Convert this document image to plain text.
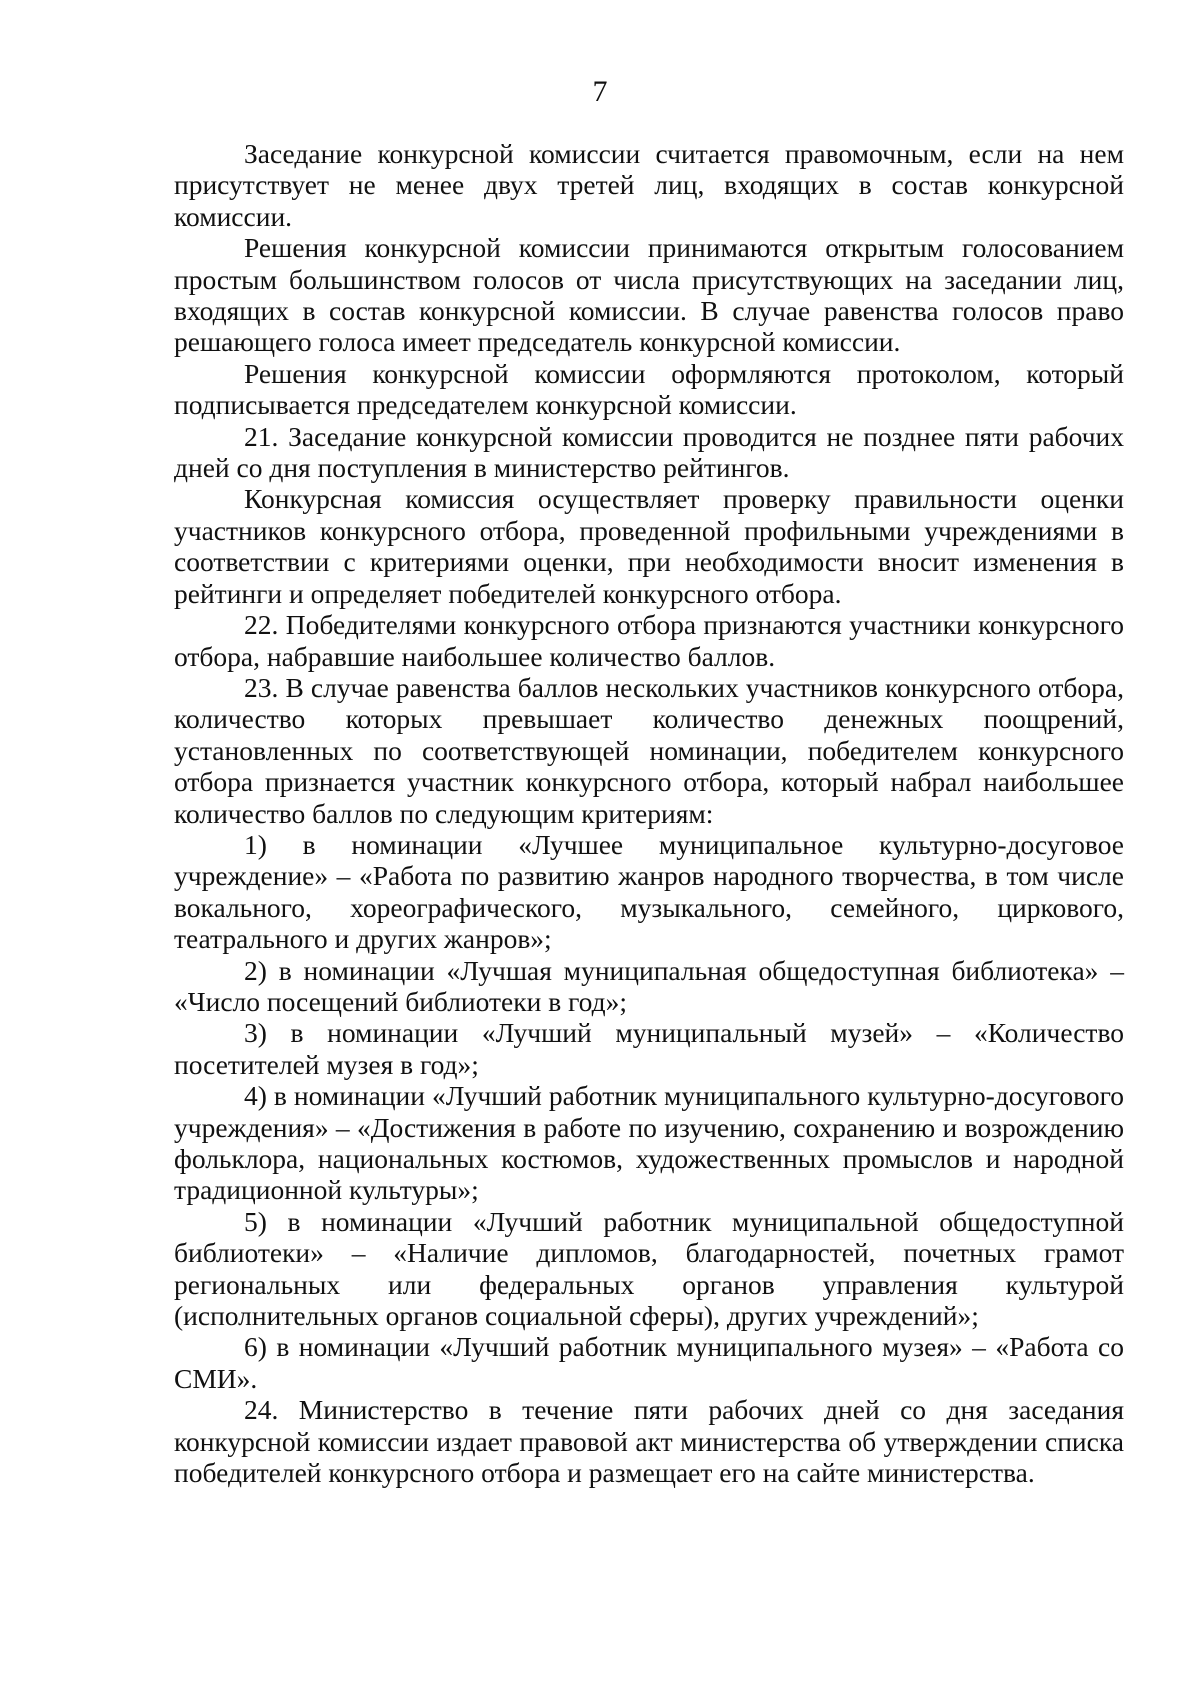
7

Заседание конкурсной комиссии считается правомочным, если на нем присутствует не менее двух третей лиц, входящих в состав конкурсной комиссии.

Решения конкурсной комиссии принимаются открытым голосованием простым большинством голосов от числа присутствующих на заседании лиц, входящих в состав конкурсной комиссии. В случае равенства голосов право решающего голоса имеет председатель конкурсной комиссии.

Решения конкурсной комиссии оформляются протоколом, который подписывается председателем конкурсной комиссии.

21. Заседание конкурсной комиссии проводится не позднее пяти рабочих дней со дня поступления в министерство рейтингов.

Конкурсная комиссия осуществляет проверку правильности оценки участников конкурсного отбора, проведенной профильными учреждениями в соответствии с критериями оценки, при необходимости вносит изменения в рейтинги и определяет победителей конкурсного отбора.

22. Победителями конкурсного отбора признаются участники конкурсного отбора, набравшие наибольшее количество баллов.

23. В случае равенства баллов нескольких участников конкурсного отбора, количество которых превышает количество денежных поощрений, установленных по соответствующей номинации, победителем конкурсного отбора признается участник конкурсного отбора, который набрал наибольшее количество баллов по следующим критериям:

1) в номинации «Лучшее муниципальное культурно-досуговое учреждение» – «Работа по развитию жанров народного творчества, в том числе вокального, хореографического, музыкального, семейного, циркового, театрального и других жанров»;

2) в номинации «Лучшая муниципальная общедоступная библиотека» – «Число посещений библиотеки в год»;

3) в номинации «Лучший муниципальный музей» – «Количество посетителей музея в год»;

4) в номинации «Лучший работник муниципального культурно-досугового учреждения» – «Достижения в работе по изучению, сохранению и возрождению фольклора, национальных костюмов, художественных промыслов и народной традиционной культуры»;

5) в номинации «Лучший работник муниципальной общедоступной библиотеки» – «Наличие дипломов, благодарностей, почетных грамот региональных или федеральных органов управления культурой (исполнительных органов социальной сферы), других учреждений»;

6) в номинации «Лучший работник муниципального музея» – «Работа со СМИ».

24. Министерство в течение пяти рабочих дней со дня заседания конкурсной комиссии издает правовой акт министерства об утверждении списка победителей конкурсного отбора и размещает его на сайте министерства.
